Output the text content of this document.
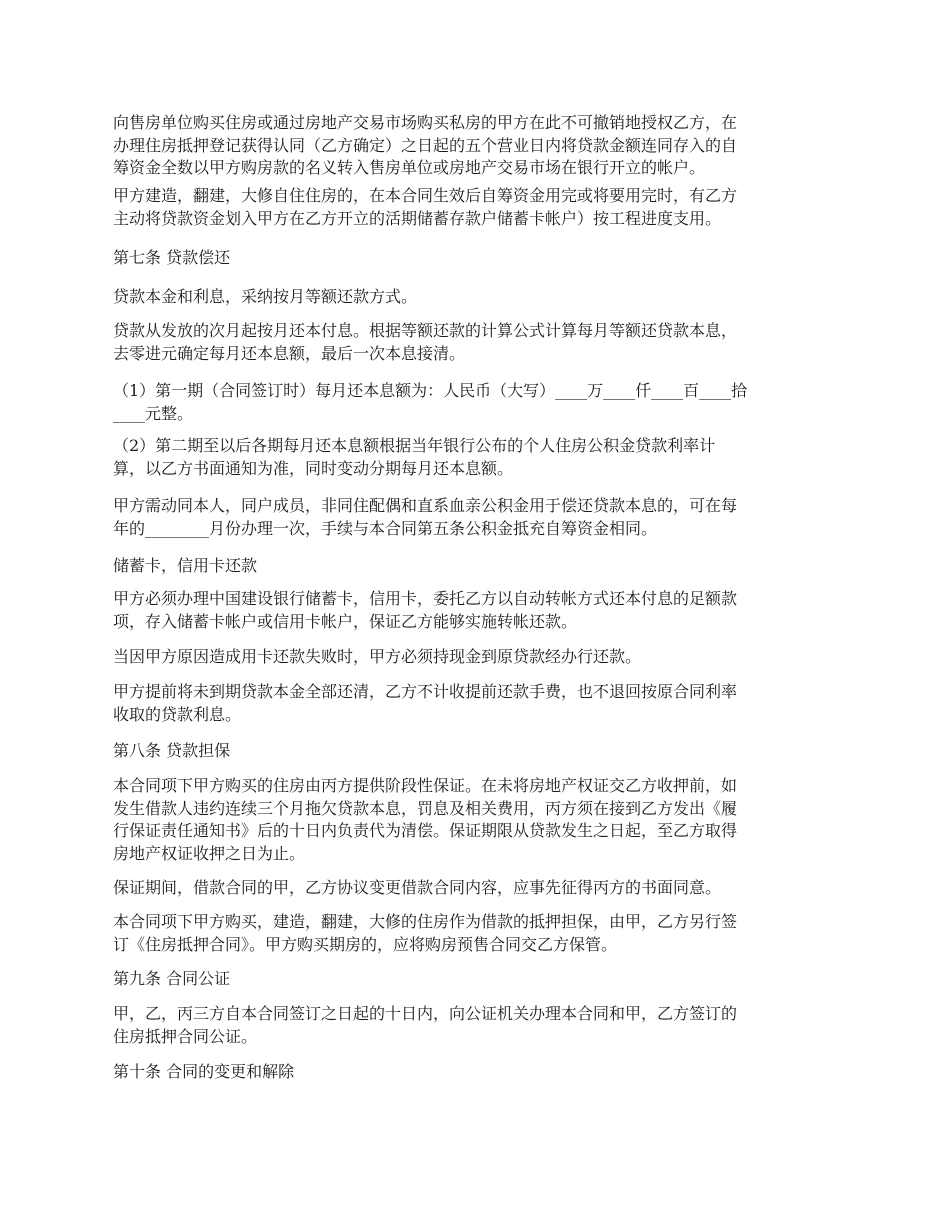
向售房单位购买住房或通过房地产交易市场购买私房的甲方在此不可撤销地授权乙方，在
办理住房抵押登记获得认同（乙方确定）之日起的五个营业日内将贷款金额连同存入的自
筹资金全数以甲方购房款的名义转入售房单位或房地产交易市场在银行开立的帐户。

甲方建造，翻建，大修自住住房的，在本合同生效后自筹资金用完或将要用完时，有乙方
主动将贷款资金划入甲方在乙方开立的活期储蓄存款户储蓄卡帐户）按工程进度支用。

第七条 贷款偿还

贷款本金和利息，采纳按月等额还款方式。

贷款从发放的次月起按月还本付息。根据等额还款的计算公式计算每月等额还贷款本息，
去零进元确定每月还本息额，最后一次本息接清。

（1）第一期（合同签订时）每月还本息额为：人民币（大写）____万____仟____百____拾
____元整。

（2）第二期至以后各期每月还本息额根据当年银行公布的个人住房公积金贷款利率计
算，以乙方书面通知为准，同时变动分期每月还本息额。

甲方需动同本人，同户成员，非同住配偶和直系血亲公积金用于偿还贷款本息的，可在每
年的________月份办理一次，手续与本合同第五条公积金抵充自筹资金相同。

储蓄卡，信用卡还款

甲方必须办理中国建设银行储蓄卡，信用卡，委托乙方以自动转帐方式还本付息的足额款
项，存入储蓄卡帐户或信用卡帐户，保证乙方能够实施转帐还款。

当因甲方原因造成用卡还款失败时，甲方必须持现金到原贷款经办行还款。

甲方提前将未到期贷款本金全部还清，乙方不计收提前还款手费，也不退回按原合同利率
收取的贷款利息。

第八条 贷款担保

本合同项下甲方购买的住房由丙方提供阶段性保证。在未将房地产权证交乙方收押前，如
发生借款人违约连续三个月拖欠贷款本息，罚息及相关费用，丙方须在接到乙方发出《履
行保证责任通知书》后的十日内负责代为清偿。保证期限从贷款发生之日起，至乙方取得
房地产权证收押之日为止。

保证期间，借款合同的甲，乙方协议变更借款合同内容，应事先征得丙方的书面同意。

本合同项下甲方购买，建造，翻建，大修的住房作为借款的抵押担保，由甲，乙方另行签
订《住房抵押合同》。甲方购买期房的，应将购房预售合同交乙方保管。

第九条 合同公证

甲，乙，丙三方自本合同签订之日起的十日内，向公证机关办理本合同和甲，乙方签订的
住房抵押合同公证。

第十条 合同的变更和解除
